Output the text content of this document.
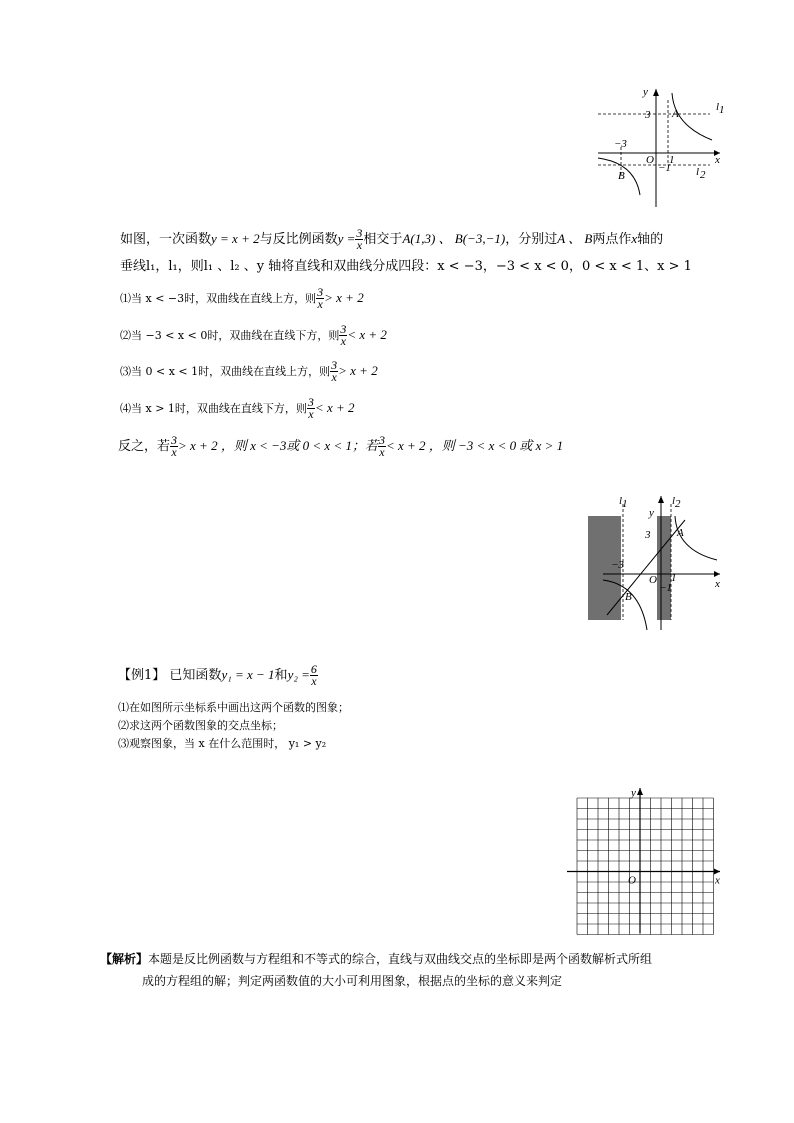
y
x
3 A
l 1
−3
O 1
−1
B	l 2
如图，一次函数y = x + 2与反比例函数$y = \frac{3}{x}$ 相交于A(1,3) 、 B(−3,−1)，分别过A 、 B两点作x轴的
垂线l₁，l₁，则l₁ 、l₂ 、y 轴将直线和双曲线分成四段：x < −3，−3 < x < 0，0 < x < 1、x > 1
⑴当 x < −3时，双曲线在直线上方，则 $\frac{3}{x} > x + 2$
⑵当 −3 < x < 0时，双曲线在直线下方，则 $\frac{3}{x} < x + 2$
⑶当 0 < x < 1时，双曲线在直线上方，则 $\frac{3}{x} > x + 2$
⑷当 x > 1时，双曲线在直线下方，则 $\frac{3}{x} < x + 2$
反之，若 $\frac{3}{x} > x + 2$ ，则 x < −3或 0 < x < 1；若 $\frac{3}{x} < x + 2$ ，则 −3 < x < 0 或 x > 1
l 1	l 2
y
3 A
−3
O 1
−1
B
x
【例1】 已知函数y₁ = x − 1和$y_2 = \frac{6}{x}$
⑴在如图所示坐标系中画出这两个函数的图象；
⑵求这两个函数图象的交点坐标；
⑶观察图象，当 x 在什么范围时， y₁ > y₂
y
x
O
【解析】本题是反比例函数与方程组和不等式的综合，直线与双曲线交点的坐标即是两个函数解析式所组
成的方程组的解；判定两函数值的大小可利用图象，根据点的坐标的意义来判定
